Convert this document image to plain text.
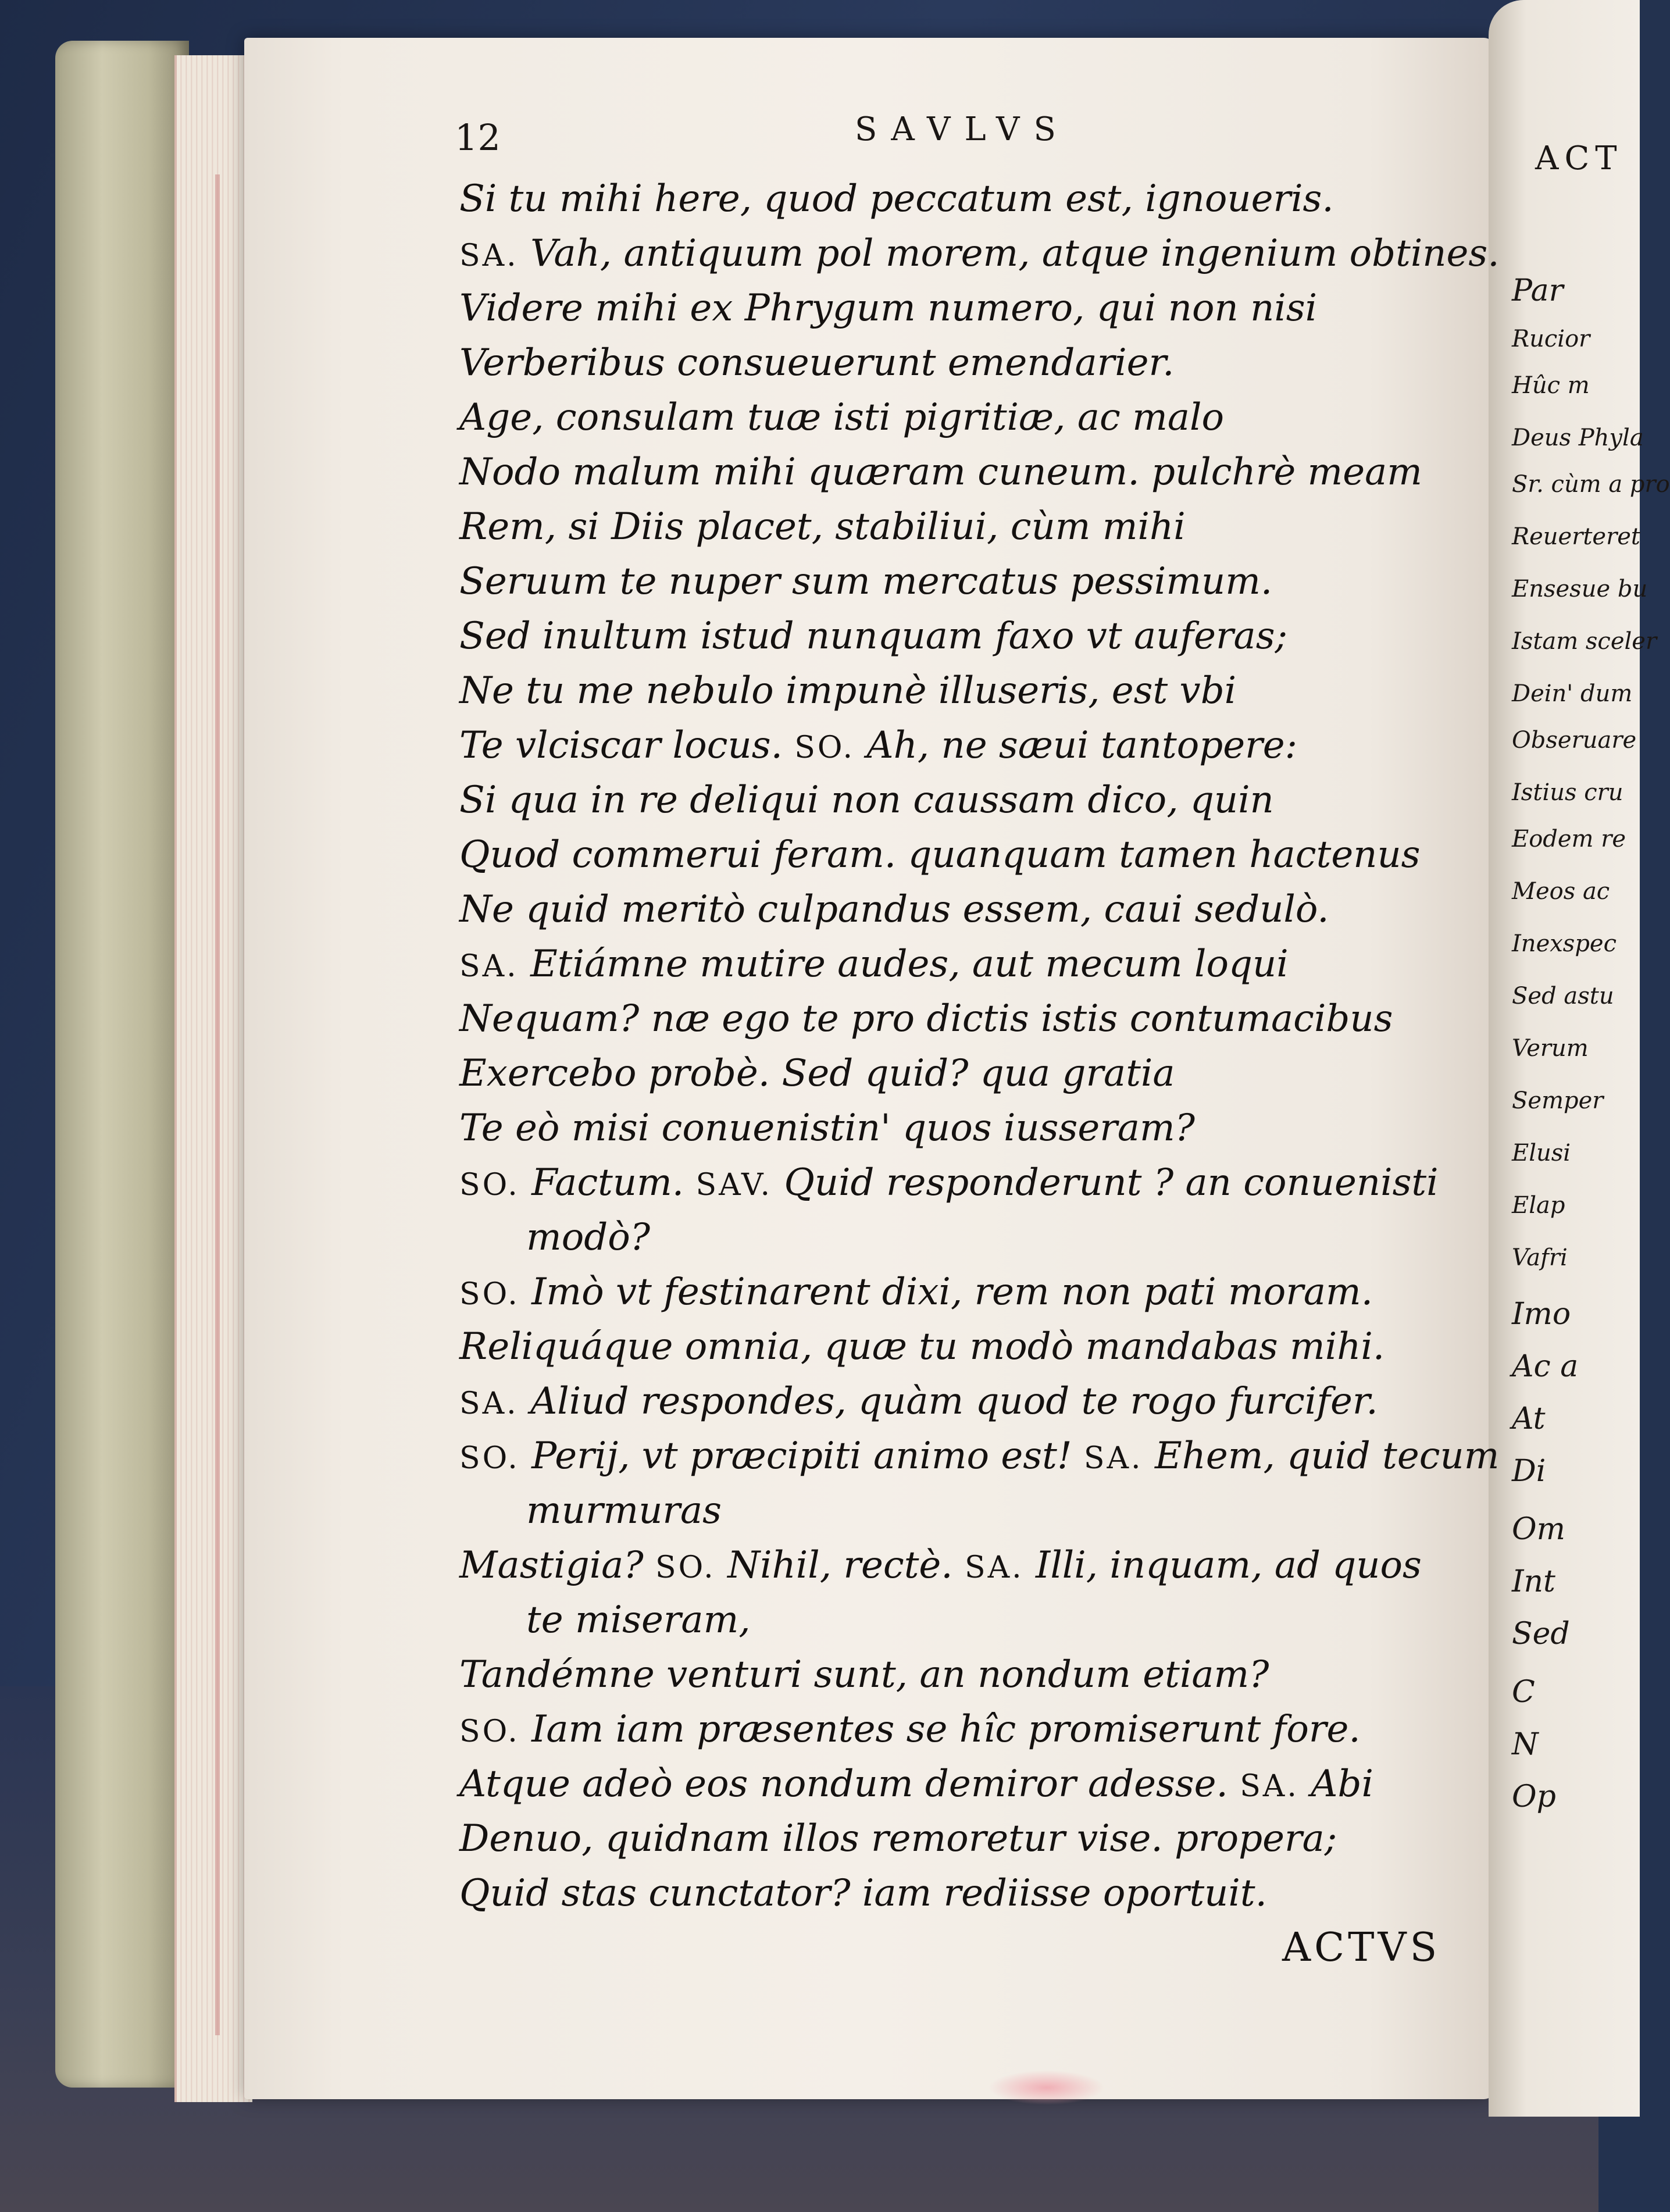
ACT
Par
Rucior
Hûc m
Deus Phyla
Sr. cùm a pro
Reuerteret
Ensesue bu
Istam sceler
Dein' dum
Obseruare
Istius cru
Eodem re
Meos ac
Inexspec
Sed astu
Verum
Semper
Elusi
Elap
Vafri
Imo
Ac a
At
Di
Om
Int
Sed
C
N
Op
12	SAVLVS
Si tu mihi here, quod peccatum est, ignoueris.
SA. Vah, antiquum pol morem, atque ingenium obtines.
Videre mihi ex Phrygum numero, qui non nisi
Verberibus consueuerunt emendarier.
Age, consulam tuæ isti pigritiæ, ac malo
Nodo malum mihi quæram cuneum. pulchrè meam
Rem, si Diis placet, stabiliui, cùm mihi
Seruum te nuper sum mercatus pessimum.
Sed inultum istud nunquam faxo vt auferas;
Ne tu me nebulo impunè illuseris, est vbi
Te vlciscar locus. SO. Ah, ne sæui tantopere:
Si qua in re deliqui non caussam dico, quin
Quod commerui feram. quanquam tamen hactenus
Ne quid meritò culpandus essem, caui sedulò.
SA. Etiámne mutire audes, aut mecum loqui
Nequam? næ ego te pro dictis istis contumacibus
Exercebo probè. Sed quid? qua gratia
Te eò misi conuenistin' quos iusseram?
SO. Factum. SAV. Quid responderunt ? an conuenisti
modò?
SO. Imò vt festinarent dixi, rem non pati moram.
Reliquáque omnia, quæ tu modò mandabas mihi.
SA. Aliud respondes, quàm quod te rogo furcifer.
SO. Perij, vt præcipiti animo est! SA. Ehem, quid tecum
murmuras
Mastigia? SO. Nihil, rectè. SA. Illi, inquam, ad quos
te miseram,
Tandémne venturi sunt, an nondum etiam?
SO. Iam iam præsentes se hîc promiserunt fore.
Atque adeò eos nondum demiror adesse. SA. Abi
Denuo, quidnam illos remoretur vise. propera;
Quid stas cunctator? iam rediisse oportuit.
ACTVS
